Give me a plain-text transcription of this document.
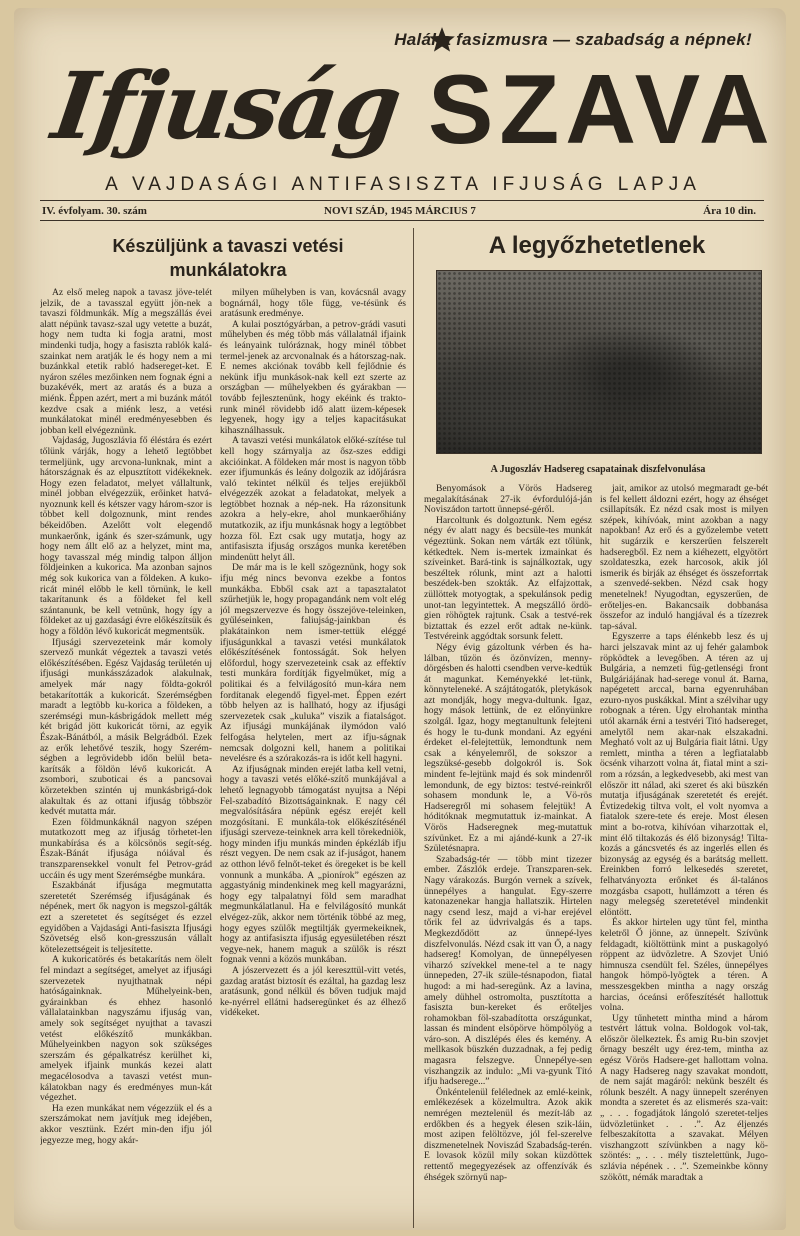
Halál a fasizmusra — szabadság a népnek!
Ifjuság SZAVA
A VAJDASÁGI ANTIFASISZTA IFJUSÁG LAPJA
IV. évfolyam. 30. szám	NOVI SZÁD, 1945 MÁRCIUS 7	Ára 10 din.
Készüljünk a tavaszi vetési munkálatokra
A legyőzhetetlenek

Az első meleg napok a tavasz jöve-telét jelzik, de a tavasszal együtt jön-nek a tavaszi földmunkák. Míg a megszállás évei alatt népünk tavasz-szal ugy vetette a buzát, hogy nem tudta ki fogja aratni, most mindenki tudja, hogy a fasiszta rablók kalá-szainkat nem aratják le és hogy nem a mi buzánkkal etetik rabló hadsereget-ket. E nyáron széles mezőinken nem fognak égni a buzakévék, mert az aratás és a buza a miénk. Éppen azért, mert a mi buzánk mától kezdve csak a miénk lesz, a vetési munkálatokat minél eredményesebben és jobban kell elvégeznünk.

Vajdaság, Jugoszlávia fő éléstára és ezért tőlünk várják, hogy a lehető legtöbbet termeljünk, ugy arcvona-lunknak, mint a hátországnak és az elpusztított vidékeknek. Hogy ezen feladatot, melyet vállaltunk, minél jobban elvégezzük, erőinket hatvá-nyoznunk kell és kétszer vagy három-szor is többet kell dolgoznunk, mint rendes békeidőben. Azelőtt volt elegendő munkaerőnk, igánk és szer-számunk, ugy hogy nem állt elő az a helyzet, mint ma, hogy tavasszal még mindig talpon álljon földjeinken a kukorica. Ma azonban sajnos még sok kukorica van a földeken. A kuko-ricát minél előbb le kell törnünk, le kell takarítanunk és a földeket fel kell szántanunk, be kell vetnünk, hogy így a földeket az uj gazdasági évre előkészítsük és hogy a földön lévő kukoricát megmentsük.

Ifjusági szervezeteink már komoly szervező munkát végeztek a tavaszi vetés előkészítésében. Egész Vajdaság területén uj ifjusági munkásszázadok alakulnak, amelyek már nagy földta-gokról betakarították a kukoricát. Szerémségben maradt a legtöbb ku-korica a földeken, a szerémségi mun-kásbrigádok mellett még két brigád jött kukoricát törni, az egyik Észak-Bánátból, a másik Belgrádból. Ezek az erők lehetővé teszik, hogy Szerém-ségben a legrövidebb időn belül beta-karítsák a földön lévő kukoricát. A zsombori, szuboticai és a pancsovai körzetekben szintén uj munkásbrigá-dok alakultak és az ottani ifjuság többször kedvét mutatta már.

Ezen földmunkáknál nagyon szépen mutatkozott meg az ifjuság törhetet-len munkabírása és a kölcsönös segít-ség. Észak-Bánát ifjusága nóiával és transzparensekkel vonult fel Petrov-grád uccáin és ugy ment Szerémségbe munkára.

Eszakbánát ifjusága megmutatta szeretetét Szerémség ifjuságának és népének, mert ők nagyon is megszol-gálták ezt a szeretetet és segítséget és ezzel egyidőben a Vajdasági Anti-fasiszta Ifjusági Szövetség első kon-gresszusán vállalt kötelezettségeit is teljesítette.

A kukoricatörés és betakarítás nem ölelt fel mindazt a segítséget, amelyet az ifjusági szervezetek nyujthatnak népi hatóságainknak. Műhelyeink-ben, gyárainkban és ehhez hasonló vállalatainkban nagyszámu ifjuság van, amely sok segítséget nyujthat a tavaszi vetést előkészítő munkákban. Műhelyeinkben nagyon sok szükséges szerszám és gépalkatrész kerülhet ki, amelyek ifjaink munkás kezei alatt megacélosodva a tavaszi vetést mun-kálatokban nagy és eredményes mun-kát végezhet.

Ha ezen munkákat nem végezzük el és a szerszámokat nem javítjuk meg idejében, akkor vesztünk. Ezért min-den ifju jól jegyezze meg, hogy akár-

milyen műhelyben is van, kovácsnál avagy bognárnál, hogy tőle függ, ve-tésünk és aratásunk eredménye.

A kulai posztógyárban, a petrov-grádi vasuti műhelyben és még több más vállalatnál ifjaink és leányaink tulóráznak, hogy minél többet termel-jenek az arcvonalnak és a hátorszag-nak. E nemes akciónak tovább kell fejlődnie és nekünk ifju munkások-nak kell ezt szerte az országban — műhelyekben és gyárakban — tovább fejlesztenünk, hogy ekéink és trakto-runk minél rövidebb idő alatt üzem-képesek legyenek, hogy igy a teljes kapacitásukat kihasználhassuk.

A tavaszi vetési munkálatok előké-szítése tul kell hogy szárnyalja az ősz-szes eddigi akcióinkat. A földeken már most is nagyon több ezer ifjumunkás és leány dolgozik az időjárásra való tekintet nélkül és teljes erejükből elvégezzék azokat a feladatokat, melyek a legtöbbet hoznak a nép-nek. Ha rázonsitunk azokra a hely-ekre, ahol munkaerőhiány mutatkozik, az ifju munkásnak hogy a legtöbbet hozza föl. Ezt csak ugy mutatja, hogy az antifasiszta ifjuság országos munka keretében mindenütt helyt áll.

De már ma is le kell szögeznünk, hogy sok ifju még nincs bevonva ezekbe a fontos munkákba. Ebből csak azt a tapasztalatot szűrhetjük le, hogy propagandánk nem volt elég jól megszervezve és hogy összejöve-teleinken, gyűléseinken, faliujság-jainkban és plakátainkon nem ismer-tettük eléggé ifjuságunkkal a tavaszi vetési munkálatok előkészítésének fontosságát. Sok helyen előfordul, hogy szervezeteink csak az effektív testi munkára fordítják figyelmüket, míg a politikai és a felvilágosító mun-kára nem fordítanak elegendő figyel-met. Éppen ezért több helyen az is hallható, hogy az ifjusági szervezetek csak „kuluka” viszik a fiatalságot. Az ifjusági munkájának ilymódon való felfogása helytelen, mert az ifju-ságnak nemcsak dolgozni kell, hanem a politikai nevelésre és a szórakozás-ra is időt kell hagyni.

Az ifjuságnak minden erejét latba kell vetni, hogy a tavaszi vetés előké-szítő munkájával a lehető legnagyobb támogatást nyujtsa a Népi Fel-szabadító Bizottságainknak. E nagy cél megvalósítására népünk egész erejét kell mozgósítani. E munkála-tok előkészítésénél ifjusági szerveze-teinknek arra kell törekedniök, hogy minden ifju munkás minden épkézláb ifju részt vegyen. De nem csak az if-juságot, hanem az otthon lévő felnőt-teket és öregeket is be kell vonnunk a munkába. A „pionírok” egészen az aggastyánig mindenkinek meg kell magyarázni, hogy egy talpalatnyi föld sem maradhat megmunkálatlanul. Ha e felvilágosító munkát elvégez-zük, akkor nem történik többé az meg, hogy egyes szülők megtiltják gyermekeiknek, hogy az antifasiszta ifjuság egyesületében részt vegye-nek, hanem maguk a szülők is részt fognak venni a közös munkában.

A jószervezett és a jól kereszttül-vitt vetés, gazdag aratást biztosít és ezáltal, ha gazdag lesz aratásunk, gond nélkül és bőven tudjuk majd ke-nyérrel ellátni hadseregünket és az élhező vidékeket.

A Jugoszláv Hadsereg csapatainak diszfelvonulása

Benyomások a Vörös Hadsereg megalakításának 27-ik évfordulójá-ján Noviszádon tartott ünnepsé-géről.

Harcoltunk és dolgoztunk. Nem egész négy év alatt nagy és becsüle-tes munkát végeztünk. Sokan nem várták ezt tőlünk, kétkedtek. Nem is-mertek izmainkat és szíveinket. Bará-tink is sajnálkoztak, ugy beszéltek rólunk, mint azt a halotti beszédek-ben szokták. Az elfajzottak, züllöttek motyogtak, a spekulánsok pedig unot-tan legyintettek. A megszálló ördö-gien röhögtek rajtunk. Csak a testvé-rek biztattak és ezzel erőt adtak ne-künk. Testvéreink aggódtak sorsunk felett.

Négy évig gázoltunk vérben és ha-lálban, tűzön és özönvízen, menny-dörgésben és halotti csendben verve-kedtük át magunkat. Keményekké let-tünk, könnyteleneké. A szájtátogatók, pletykások azt mondják, hogy megva-dultunk. Igaz, hogy mások lettünk, de ez előnyünkre szolgál. Igaz, hogy megtanultunk felejteni és hogy le tu-dunk mondani. Az egyéni érdeket el-felejtettük, lemondtunk nem csak a kényelemről, de sokszor a legszüksé-gesebb dolgokról is. Sok mindent fe-lejtünk majd és sok mindenről lemondunk, de egy biztos: testvé-reinkről sohasem mondunk le, a Vö-rös Hadseregről mi sohasem felejtük! A hóditóknak megmutattuk iz-mainkat. A Vörös Hadseregnek meg-mutattuk szívünket. Ez a mi ajándé-kunk a 27-ik Születésnapra.

Szabadság-tér — több mint tizezer ember. Zászlók erdeje. Transzparen-sek. Nagy várakozás. Burgón vernek a szívek, ünnepélyes a hangulat. Egy-szerre katonazenekar hangja hallatszik. Hirtelen nagy csend lesz, majd a vi-har erejével tőrik fel az üdvrivalgás és a taps. Megkezdődött az ünnepé-lyes diszfelvonulás. Nézd csak itt van Ő, a nagy hadsereg! Komolyan, de ünnepélyesen viharzó szívekkel mene-tel a te nagy ünnepeden, 27-ik szüle-tésnapodon, fiatal hugod: a mi had-seregünk. Az a lavina, amely dühhel ostromolta, pusztította a fasiszta bun-kereket és erőteljes rohamokban föl-szabadította országunkat, lassan és mindent elsöpörve hömpölyög a váro-son. A diszlépés éles és kemény. A mellkasok büszkén duzzadnak, a fej pedig magasra felszegve. Ünnepélye-sen viszhangzik az indulo: „Mi va-gyunk Tító ifju hadserege...”

Önkéntelenül felélednek az emlé-keink, emlékezések a közelmultra. Azok akik nemrégen meztelenül és mezít-láb az erdőkben és a hegyek élesen szik-láin, most azipen felöltözve, jól fel-szerelve diszmenetelnek Noviszád Szabadság-terén. E lovasok közül mily sokan küzdöttek rettentő megegyezések az offenzívák és éhségek szörnyű nap-

jait, amikor az utolsó megmaradt ge-bét is fel kellett áldozni ezért, hogy az éhséget csillapítsák. Ez nézd csak most is milyen szépek, kihívóak, mint azokban a nagy napokban! Az erő és a győzelembe vetett hit sugárzik e kerszerűen felszerelt hadseregből. Ez nem a kiéhezett, elgyötört szoldateszka, ezek harcosok, akik jól ismerik és birják az éhséget és összeforrtak a szenvedé-sekben. Nézd csak hogy menetelnek! Nyugodtan, egyszerűen, de erőteljes-en. Bakancsaik dobbanása összefor az induló hangjával és a tízezrek tap-sával.

Egyszerre a taps élénkebb lesz és uj harci jelszavak mint az uj fehér galambok röpködtek a levegőben. A téren az uj Bulgária, a nemzeti füg-getlenségi front Bulgáriájának had-serege vonul át. Barna, napégetett arccal, barna egyenruhában ezuro-nyos puskákkal. Mint a szélvihar ugy robognak a téren. Ugy elrohantak mintha utól akarnák érni a testvéri Titó hadsereget, amelytől nem akar-nak elszakadni. Megható volt az uj Bulgária fiait látni. Ugy remlett, mintha a téren a legfiatalabb öcsénk viharzott volna át, fiatal mint a szi-rom a rózsán, a legkedvesebb, aki mest van először itt nálad, aki szeret és aki büszkén mutatja ifjuságának szeretetét és erejét. Évtizedekig tiltva volt, el volt nyomva a fiatalok szere-tete és ereje. Most élesen mint a bo-rotva, kihívóan viharzottak el, mint élő tiltakozás és élő bizonyság! Tilta-kozás a gáncsvetés és az ingerlés ellen és bizonyság az egység és a barátság mellett. Ereinkben forró lelkesedés szeretet, felhatványozta erőnket és ál-talános mozgásba csapott, hullámzott a téren és nagy melegség szeretetével mindenkit elöntött.

És akkor hirtelen ugy tünt fel, mintha keletről Ő jönne, az ünnepelt. Szívünk feldagadt, kiöltöttünk mint a puskagolyó röppent az üdvözletre. A Szovjet Unió himnusza csendült fel. Széles, ünnepélyes hangok hömpö-lyögtek a téren. A messzesgekben mintha a nagy ország harcias, óceánsi erőfeszítését hallottuk volna.

Ugy tűnhetett mintha mind a három testvért láttuk volna. Boldogok vol-tak, először ölelkeztek. És amig Ru-bin szovjet őrnagy beszélt ugy érez-tem, mintha az egész Vörös Hadsere-get hallottam volna. A nagy Hadsereg nagy szavakat mondott, de nem saját magáról: nekünk beszélt és rólunk beszélt. A nagy ünnepelt szerényen mondta a szeretet és az elismerés sza-vait: „ . . . fogadjátok lángoló szeretet-teljes üdvözletünket . . .”. Az éljenzés felbeszakította a szavakat. Mélyen viszhangzott szívünkben a nagy kö-szöntés: „ . . . mély tisztelettünk, Jugo-szlávia népének . . .”. Szemeinkbe könny szökött, némák maradtak a
